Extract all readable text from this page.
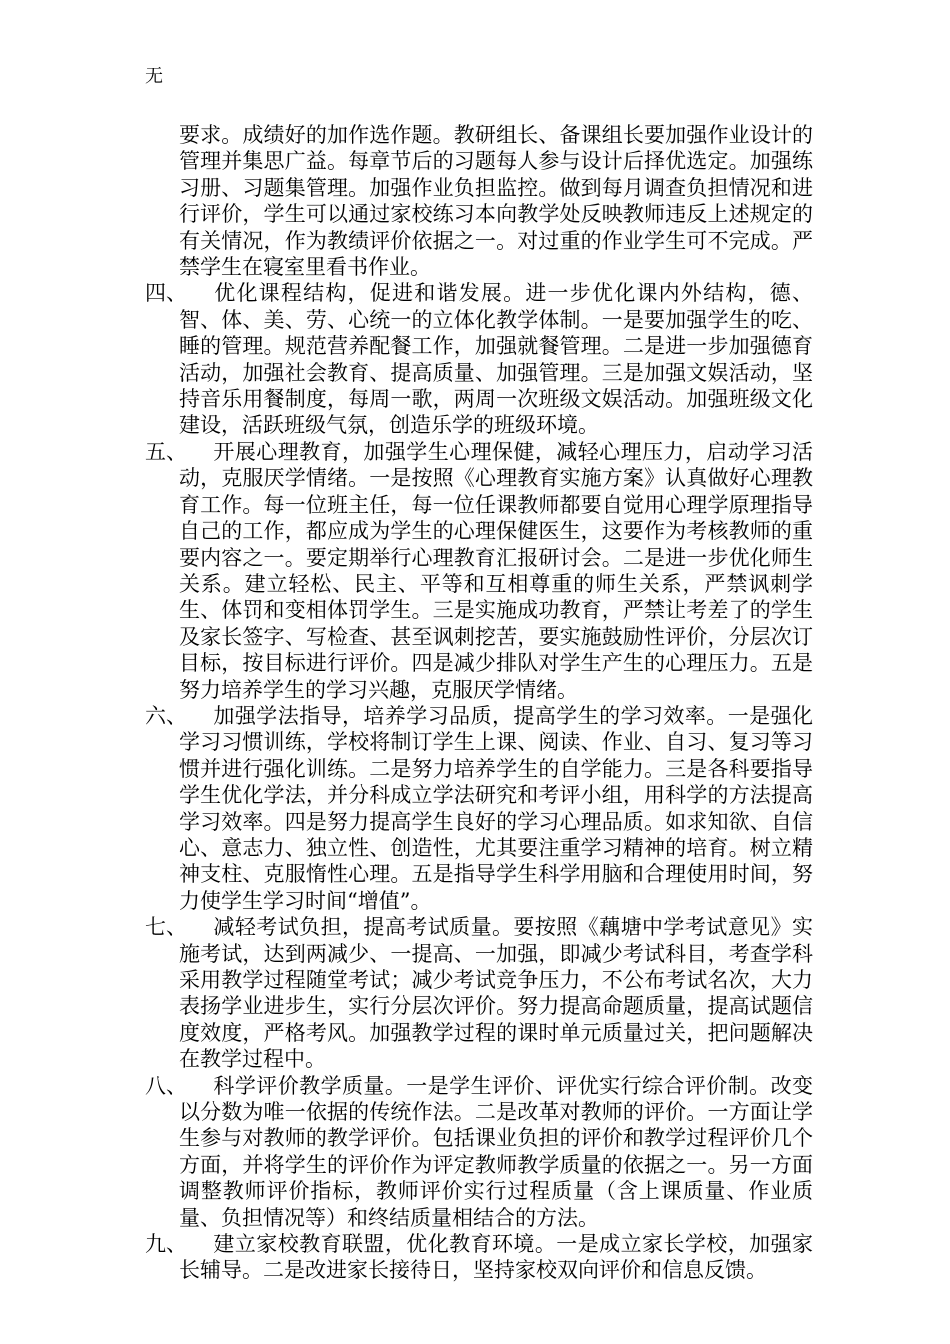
无

要求。成绩好的加作选作题。教研组长、备课组长要加强作业设计的管理并集思广益。每章节后的习题每人参与设计后择优选定。加强练习册、习题集管理。加强作业负担监控。做到每月调查负担情况和进行评价，学生可以通过家校练习本向教学处反映教师违反上述规定的有关情况，作为教绩评价依据之一。对过重的作业学生可不完成。严禁学生在寝室里看书作业。

四、	优化课程结构，促进和谐发展。进一步优化课内外结构，德、智、体、美、劳、心统一的立体化教学体制。一是要加强学生的吃、睡的管理。规范营养配餐工作，加强就餐管理。二是进一步加强德育活动，加强社会教育、提高质量、加强管理。三是加强文娱活动，坚持音乐用餐制度，每周一歌，两周一次班级文娱活动。加强班级文化建设，活跃班级气氛，创造乐学的班级环境。
五、	开展心理教育，加强学生心理保健，减轻心理压力，启动学习活动，克服厌学情绪。一是按照《心理教育实施方案》认真做好心理教育工作。每一位班主任，每一位任课教师都要自觉用心理学原理指导自己的工作，都应成为学生的心理保健医生，这要作为考核教师的重要内容之一。要定期举行心理教育汇报研讨会。二是进一步优化师生关系。建立轻松、民主、平等和互相尊重的师生关系，严禁讽刺学生、体罚和变相体罚学生。三是实施成功教育，严禁让考差了的学生及家长签字、写检查、甚至讽刺挖苦，要实施鼓励性评价，分层次订目标，按目标进行评价。四是减少排队对学生产生的心理压力。五是努力培养学生的学习兴趣，克服厌学情绪。
六、	加强学法指导，培养学习品质，提高学生的学习效率。一是强化学习习惯训练，学校将制订学生上课、阅读、作业、自习、复习等习惯并进行强化训练。二是努力培养学生的自学能力。三是各科要指导学生优化学法，并分科成立学法研究和考评小组，用科学的方法提高学习效率。四是努力提高学生良好的学习心理品质。如求知欲、自信心、意志力、独立性、创造性，尤其要注重学习精神的培育。树立精神支柱、克服惰性心理。五是指导学生科学用脑和合理使用时间，努力使学生学习时间“增值”。
七、	减轻考试负担，提高考试质量。要按照《藕塘中学考试意见》实施考试，达到两减少、一提高、一加强，即减少考试科目，考查学科采用教学过程随堂考试；减少考试竞争压力，不公布考试名次，大力表扬学业进步生，实行分层次评价。努力提高命题质量，提高试题信度效度，严格考风。加强教学过程的课时单元质量过关，把问题解决在教学过程中。
八、	科学评价教学质量。一是学生评价、评优实行综合评价制。改变以分数为唯一依据的传统作法。二是改革对教师的评价。一方面让学生参与对教师的教学评价。包括课业负担的评价和教学过程评价几个方面，并将学生的评价作为评定教师教学质量的依据之一。另一方面调整教师评价指标，教师评价实行过程质量（含上课质量、作业质量、负担情况等）和终结质量相结合的方法。
九、	建立家校教育联盟，优化教育环境。一是成立家长学校，加强家长辅导。二是改进家长接待日，坚持家校双向评价和信息反馈。
